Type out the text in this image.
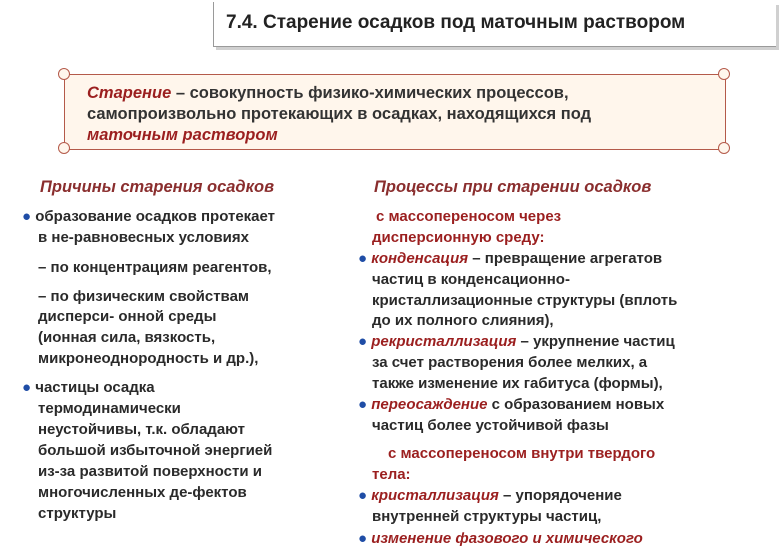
7.4. Старение осадков под маточным раствором
Старение – совокупность физико-химических процессов,
самопроизвольно протекающих в осадках, находящихся под
маточным раствором
Причины старения осадков
● образование осадков протекает
в не-равновесных условиях
– по концентрациям реагентов,
– по физическим свойствам
дисперси- онной среды
(ионная сила, вязкость,
микронеоднородность и др.),
● частицы осадка
термодинамически
неустойчивы, т.к. обладают
большой избыточной энергией
из-за развитой поверхности и
многочисленных де-фектов
структуры
Процессы при старении осадков
с массопереносом через
дисперсионную среду:
● конденсация – превращение агрегатов
частиц в конденсационно-
кристаллизационные структуры (вплоть
до их полного слияния),
● рекристаллизация – укрупнение частиц
за счет растворения более мелких, а
также изменение их габитуса (формы),
● переосаждение с образованием новых
частиц более устойчивой фазы
с массопереносом внутри твердого
тела:
● кристаллизация – упорядочение
внутренней структуры частиц,
● изменение фазового и химического
